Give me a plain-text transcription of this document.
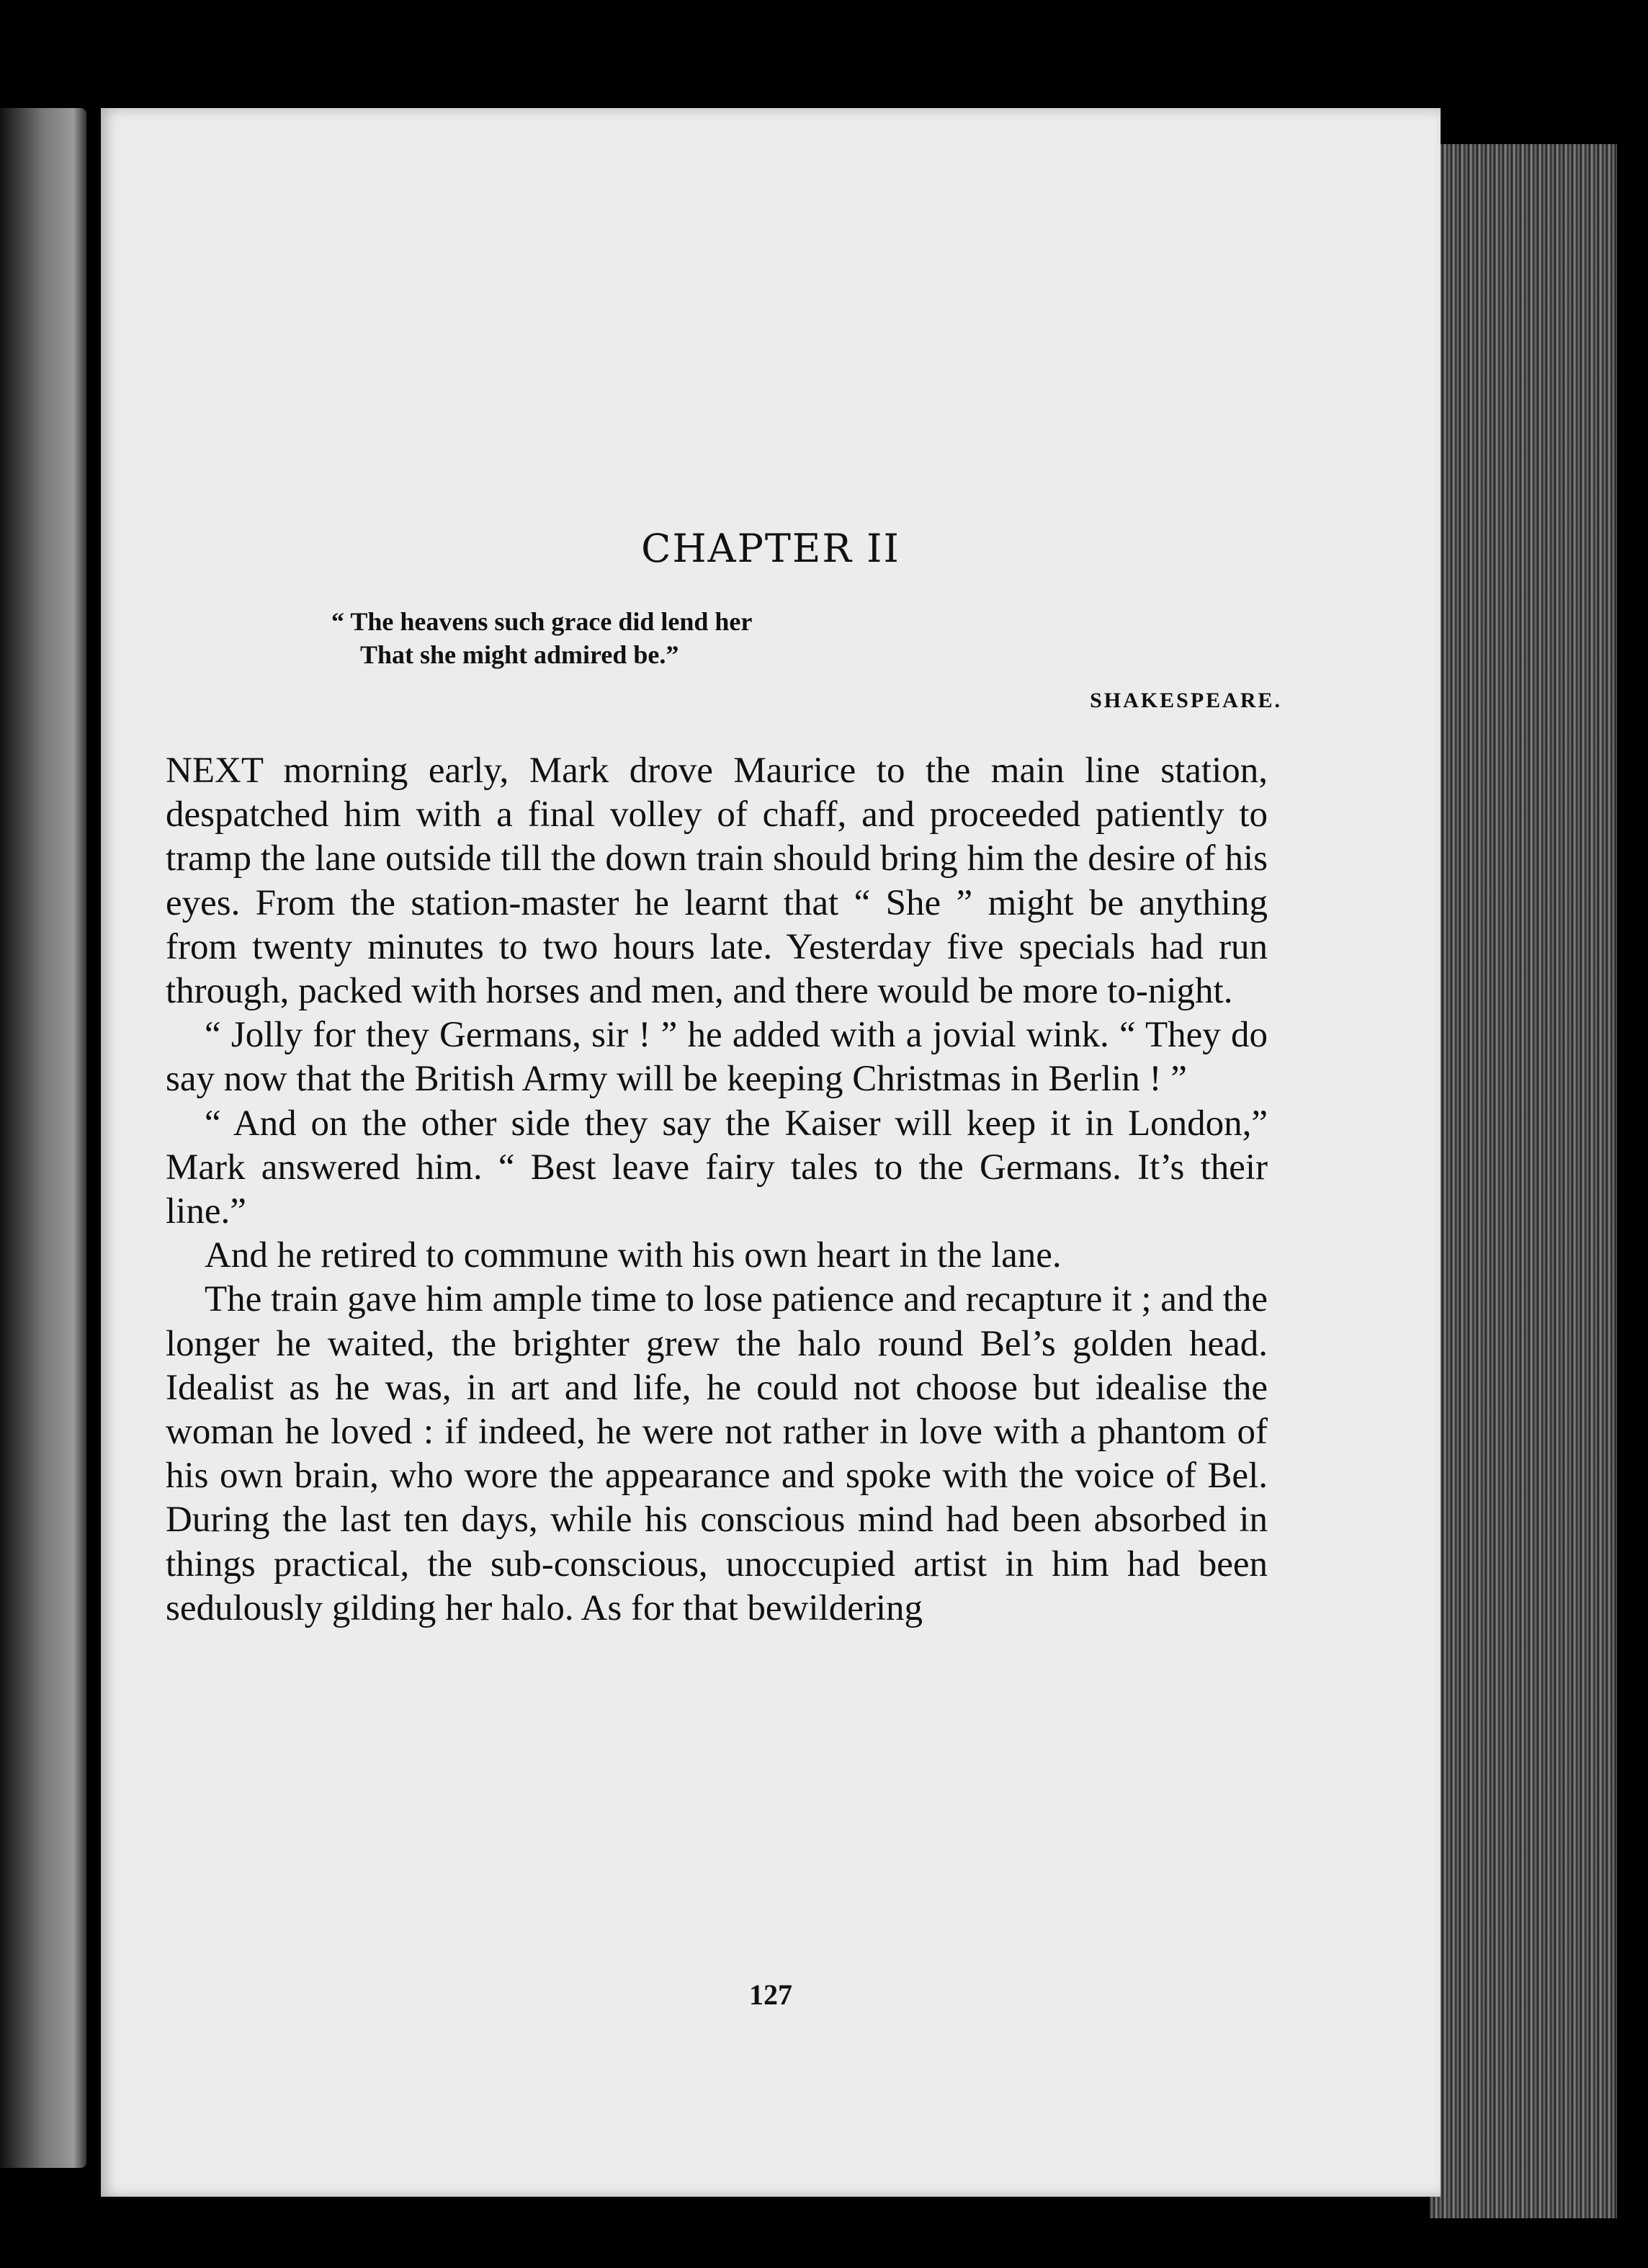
CHAPTER II
“ The heavens such grace did lend her
That she might admired be.”
SHAKESPEARE.

NEXT morning early, Mark drove Maurice to the main line station, despatched him with a final volley of chaff, and proceeded patiently to tramp the lane outside till the down train should bring him the desire of his eyes. From the station-master he learnt that “ She ” might be anything from twenty minutes to two hours late. Yesterday five specials had run through, packed with horses and men, and there would be more to-night.

“ Jolly for they Germans, sir ! ” he added with a jovial wink. “ They do say now that the British Army will be keeping Christmas in Berlin ! ”

“ And on the other side they say the Kaiser will keep it in London,” Mark answered him. “ Best leave fairy tales to the Germans. It’s their line.”

And he retired to commune with his own heart in the lane.

The train gave him ample time to lose patience and recapture it ; and the longer he waited, the brighter grew the halo round Bel’s golden head. Idealist as he was, in art and life, he could not choose but idealise the woman he loved : if indeed, he were not rather in love with a phantom of his own brain, who wore the appearance and spoke with the voice of Bel. During the last ten days, while his conscious mind had been absorbed in things practical, the sub-conscious, unoccupied artist in him had been sedulously gilding her halo. As for that bewildering

127
